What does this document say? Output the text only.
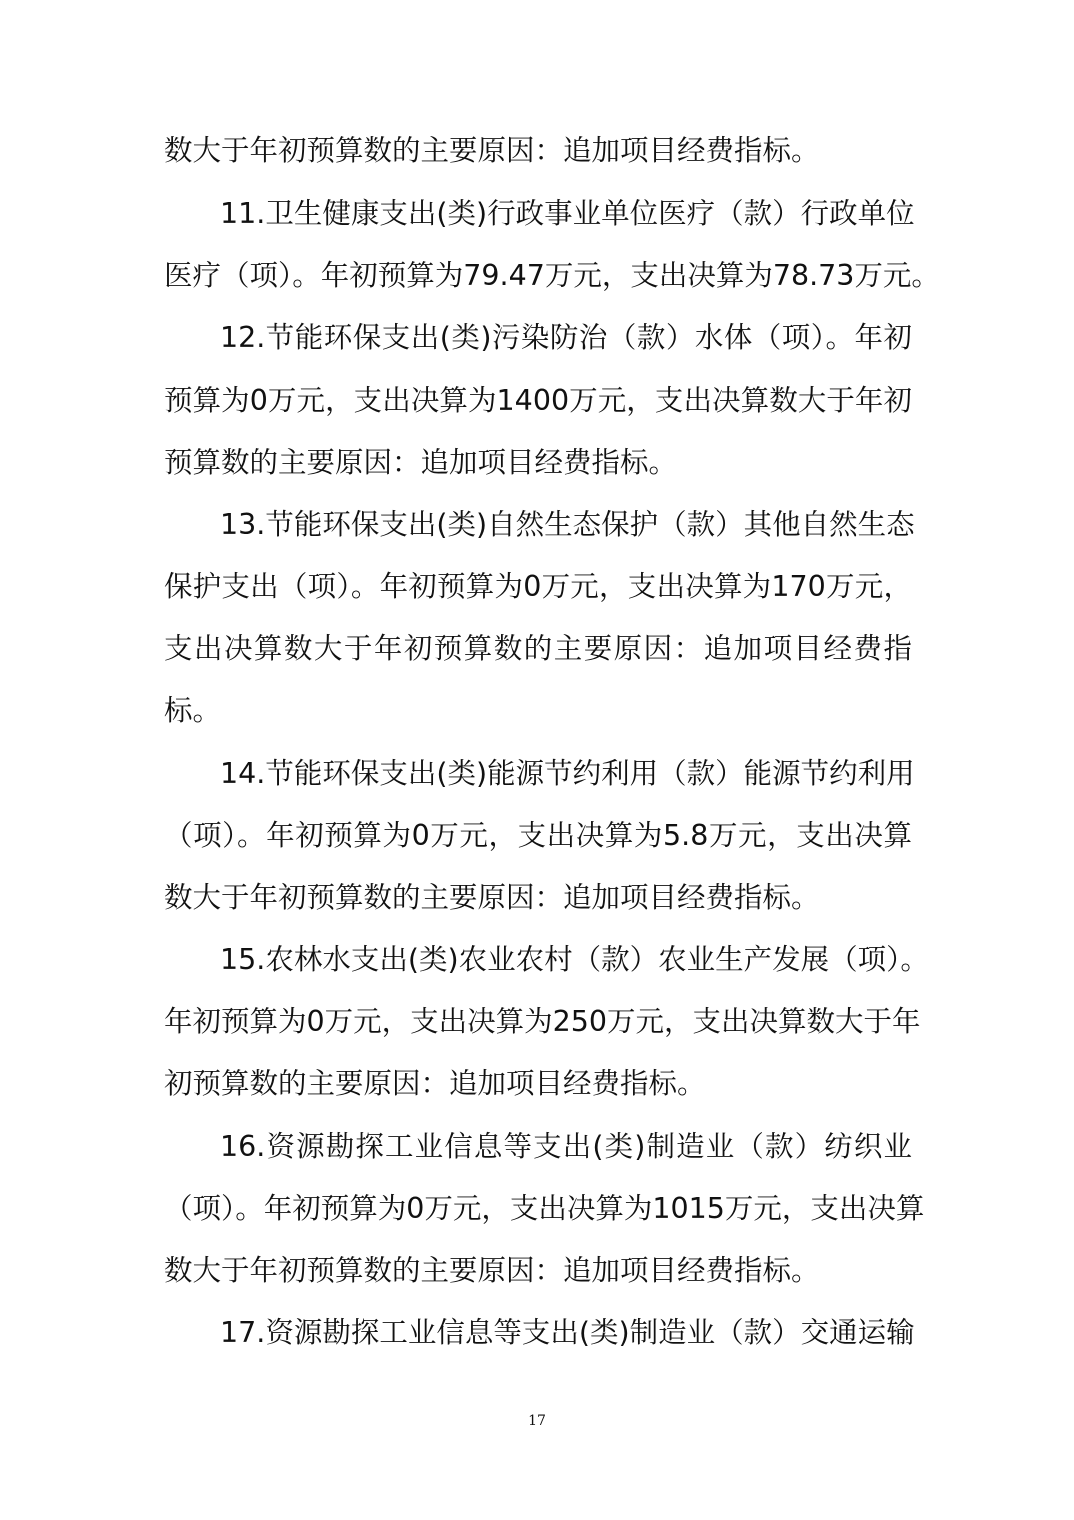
数大于年初预算数的主要原因：追加项目经费指标。
11.卫生健康支出(类)行政事业单位医疗（款）行政单位
医疗（项）。年初预算为79.47万元，支出决算为78.73万元。
12.节能环保支出(类)污染防治（款）水体（项）。年初
预算为0万元，支出决算为1400万元，支出决算数大于年初
预算数的主要原因：追加项目经费指标。
13.节能环保支出(类)自然生态保护（款）其他自然生态
保护支出（项）。年初预算为0万元，支出决算为170万元，
支出决算数大于年初预算数的主要原因：追加项目经费指
标。
14.节能环保支出(类)能源节约利用（款）能源节约利用
（项）。年初预算为0万元，支出决算为5.8万元，支出决算
数大于年初预算数的主要原因：追加项目经费指标。
15.农林水支出(类)农业农村（款）农业生产发展（项）。
年初预算为0万元，支出决算为250万元，支出决算数大于年
初预算数的主要原因：追加项目经费指标。
16.资源勘探工业信息等支出(类)制造业（款）纺织业
（项）。年初预算为0万元，支出决算为1015万元，支出决算
数大于年初预算数的主要原因：追加项目经费指标。
17.资源勘探工业信息等支出(类)制造业（款）交通运输
17
